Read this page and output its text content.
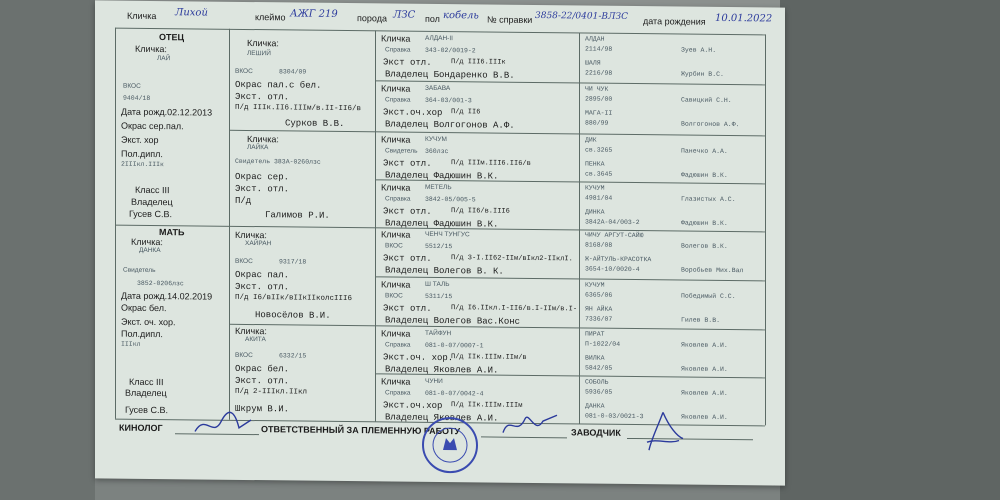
Кличка Лихой	клеймо АЖГ 219 порода ЛЗС пол кобель № справки 3858-22/0401-ВЛЗС дата рождения 10.01.2022
ОТЕЦ
Кличка:
ЛАЙ
ВКОС
9404/18
Дата рожд.02.12.2013
Окрас сер.пал.
Экст. хор
Пол.дипл.
2IIIкл.IIIк
Класс III
Владелец
Гусев С.В.
МАТЬ
Кличка:
ДАНКА
Свидетель
3852-0206лзс
Дата рожд.14.02.2019
Окрас бел.
Экст. оч. хор.
Пол.дипл.
IIIкл
Класс III
Владелец
Гусев С.В.
Кличка:
ЛЕШИЙ
ВКОС	8304/09
Окрас пал.с бел.
Экст. отл.
П/д IIIк.II6.IIIм/в.II-II6/в
Сурков В.В.
Кличка:
ЛАЙКА
Свидетель 383А-0260лзс
Окрас сер.
Экст. отл.
П/д
Галимов Р.И.
Кличка:
ХАЙРАН
ВКОС	9317/18
Окрас пал.
Экст. отл.
П/д I6/вIIк/вIIкIIколсIII6
Новосёлов В.И.
Кличка:
АКИТА
ВКОС	6332/15
Окрас бел.
Экст. отл.
П/д 2-IIIкл.IIкл
Шкрум В.И.
Кличка АЛДАН-II
Справка 343-02/0019-2
Экст отл.	П/д III6.IIIк
Владелец Бондаренко В.В.
Кличка ЗАБАВА
Справка 364-03/001-3
Экст.оч.хор П/д II6
Владелец Волгогонов А.Ф.
Кличка КУЧУМ
Свидетель 360лзс
Экст отл.	П/д IIIм.III6.II6/в
Владелец Фадюшин В.К.
Кличка МЕТЕЛЬ
Справка 3842-05/005-5
Экст отл.	П/д II6/в.III6
Владелец Фадюшин В.К.
Кличка ЧЕНЧ ТУНГУС
ВКОС	5512/15
Экст отл.	П/д 3-I.II62-IIм/вIкл2-IIклI.
Владелец Волегов В. К.
Кличка Ш ТАЛЬ
ВКОС	5311/15
Экст отл.	П/д I6.IIкл.I-II6/в.I-IIм/в.I-
Владелец Волегов Вас.Конс
Кличка ТАЙФУН
Справка 081-0-07/0007-1
Экст.оч. хор.
П/д IIк.IIIм.IIм/в
Владелец Яковлев А.И.
Кличка ЧУНИ
Справка 081-0-07/0042-4
Экст.оч.хор П/д IIк.IIIм.IIIм
Владелец Яковлев А.И.
АЛДАН
2114/98	Зуев А.Н.
ШАЛЯ
2216/98	Журбин В.С.
ЧИ ЧУК
2895/00	Савицкий С.Н.
МАГА-II
880/99	Волгогонов А.Ф.
ДИК
св.3265	Панечко А.А.
ПЕНКА
св.3645	Фадюшин В.К.
КУЧУМ
4981/04	Глазистых А.С.
ДИНКА
3842А-04/003-2	Фадюшин В.К.
ЧИЧУ АРГУТ-САЙЮ
8168/08	Волегов В.К.
Ж-АЙТУЛЬ-КРАСОТКА
3654-10/0020-4	Воробьев Мих.Вал
КУЧУМ
6365/06	Победимый С.С.
ЯН АЙКА
7336/07	Гилев В.В.
ПИРАТ
П-1022/04	Яковлев А.И.
ВИЛКА
5842/05	Яковлев А.И.
СОБОЛЬ
5936/05	Яковлев А.И.
ДАНКА
081-0-03/0021-3	Яковлев А.И.
КИНОЛОГ	ОТВЕТСТВЕННЫЙ ЗА ПЛЕМЕННУЮ РАБОТУ	ЗАВОДЧИК
